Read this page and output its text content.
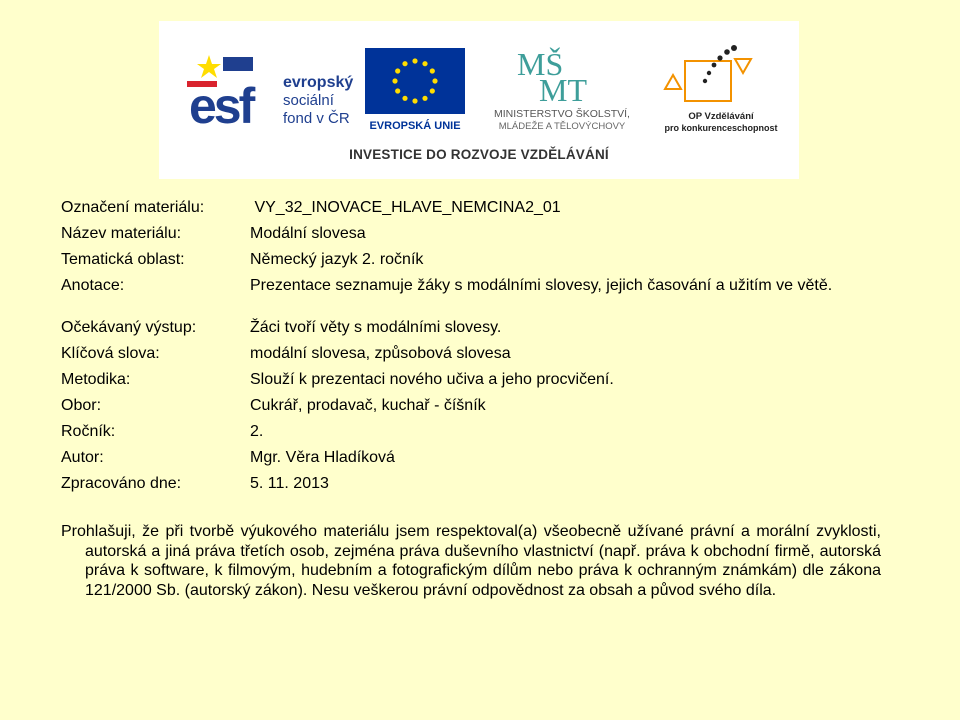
esf evropský
sociální
fond v ČR EVROPSKÁ UNIE
MŠ
MT
MINISTERSTVO ŠKOLSTVÍ,
MLÁDEŽE A TĚLOVÝCHOVY
OP Vzdělávání
pro konkurenceschopnost
INVESTICE DO ROZVOJE VZDĚLÁVÁNÍ
Označení materiálu:	VY_32_INOVACE_HLAVE_NEMCINA2_01
Název materiálu:	Modální slovesa
Tematická oblast:	Německý jazyk 2. ročník
Anotace:	Prezentace seznamuje žáky s modálními slovesy, jejich časování a užitím ve větě.
Očekávaný výstup:	Žáci tvoří věty s modálními slovesy.
Klíčová slova:	modální slovesa, způsobová slovesa
Metodika:	Slouží k prezentaci nového učiva a jeho procvičení.
Obor:	Cukrář, prodavač, kuchař - číšník
Ročník:	2.
Autor:	Mgr. Věra Hladíková
Zpracováno dne:	5. 11. 2013
Prohlašuji, že při tvorbě výukového materiálu jsem respektoval(a) všeobecně užívané právní a morální zvyklosti, autorská a jiná práva třetích osob, zejména práva duševního vlastnictví (např. práva k obchodní firmě, autorská práva k software, k filmovým, hudebním a fotografickým dílům nebo práva k ochranným známkám) dle zákona 121/2000 Sb. (autorský zákon). Nesu veškerou právní odpovědnost za obsah a původ svého díla.
